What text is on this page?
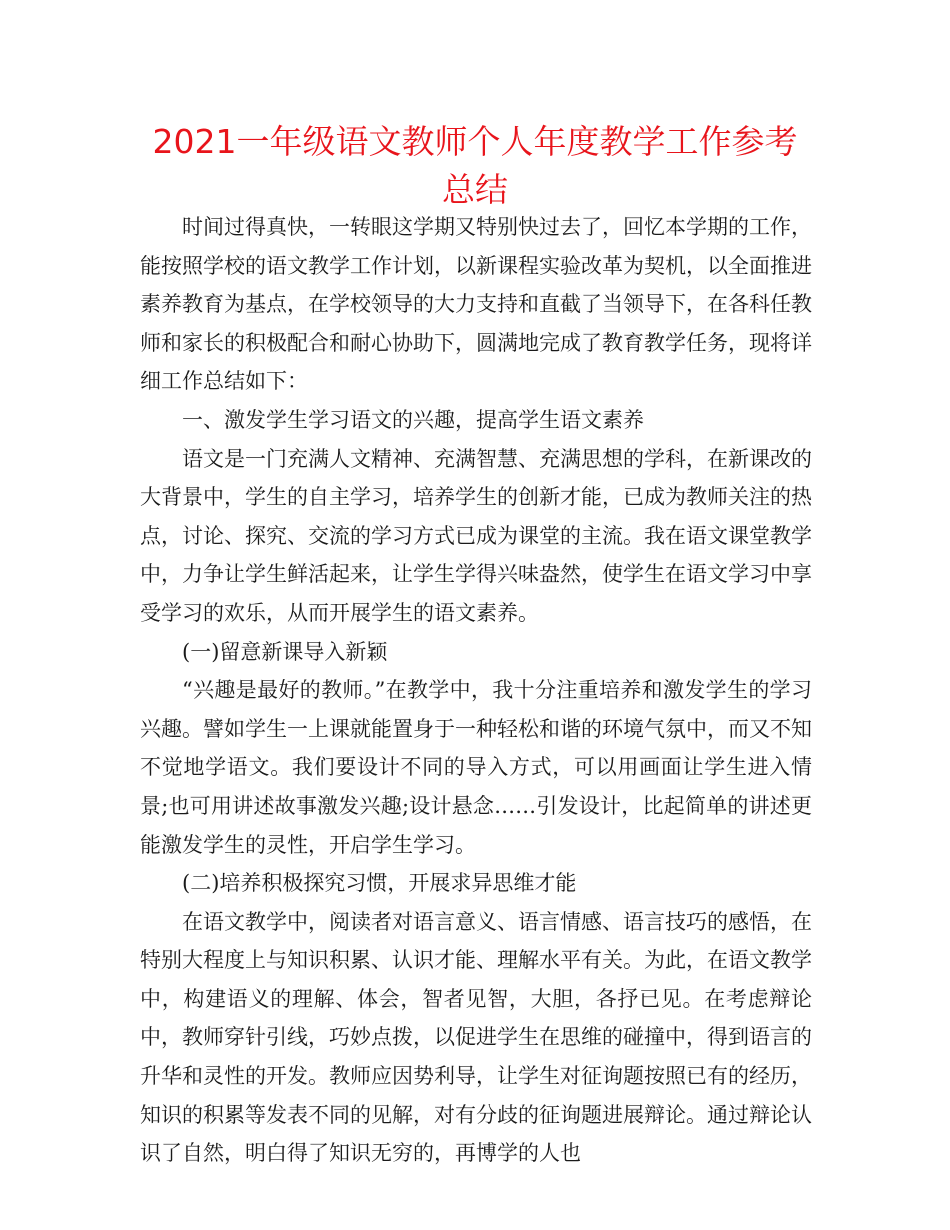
2021一年级语文教师个人年度教学工作参考总结

时间过得真快，一转眼这学期又特别快过去了，回忆本学期的工作，能按照学校的语文教学工作计划，以新课程实验改革为契机，以全面推进素养教育为基点，在学校领导的大力支持和直截了当领导下，在各科任教师和家长的积极配合和耐心协助下，圆满地完成了教育教学任务，现将详细工作总结如下：

一、激发学生学习语文的兴趣，提高学生语文素养

语文是一门充满人文精神、充满智慧、充满思想的学科，在新课改的大背景中，学生的自主学习，培养学生的创新才能，已成为教师关注的热点，讨论、探究、交流的学习方式已成为课堂的主流。我在语文课堂教学中，力争让学生鲜活起来，让学生学得兴味盎然，使学生在语文学习中享受学习的欢乐，从而开展学生的语文素养。

(一)留意新课导入新颖

“兴趣是最好的教师。”在教学中，我十分注重培养和激发学生的学习兴趣。譬如学生一上课就能置身于一种轻松和谐的环境气氛中，而又不知不觉地学语文。我们要设计不同的导入方式，可以用画面让学生进入情景;也可用讲述故事激发兴趣;设计悬念……引发设计，比起简单的讲述更能激发学生的灵性，开启学生学习。

(二)培养积极探究习惯，开展求异思维才能

在语文教学中，阅读者对语言意义、语言情感、语言技巧的感悟，在特别大程度上与知识积累、认识才能、理解水平有关。为此，在语文教学中，构建语义的理解、体会，智者见智，大胆，各抒已见。在考虑辩论中，教师穿针引线，巧妙点拨，以促进学生在思维的碰撞中，得到语言的升华和灵性的开发。教师应因势利导，让学生对征询题按照已有的经历，知识的积累等发表不同的见解，对有分歧的征询题进展辩论。通过辩论认识了自然，明白得了知识无穷的，再博学的人也
